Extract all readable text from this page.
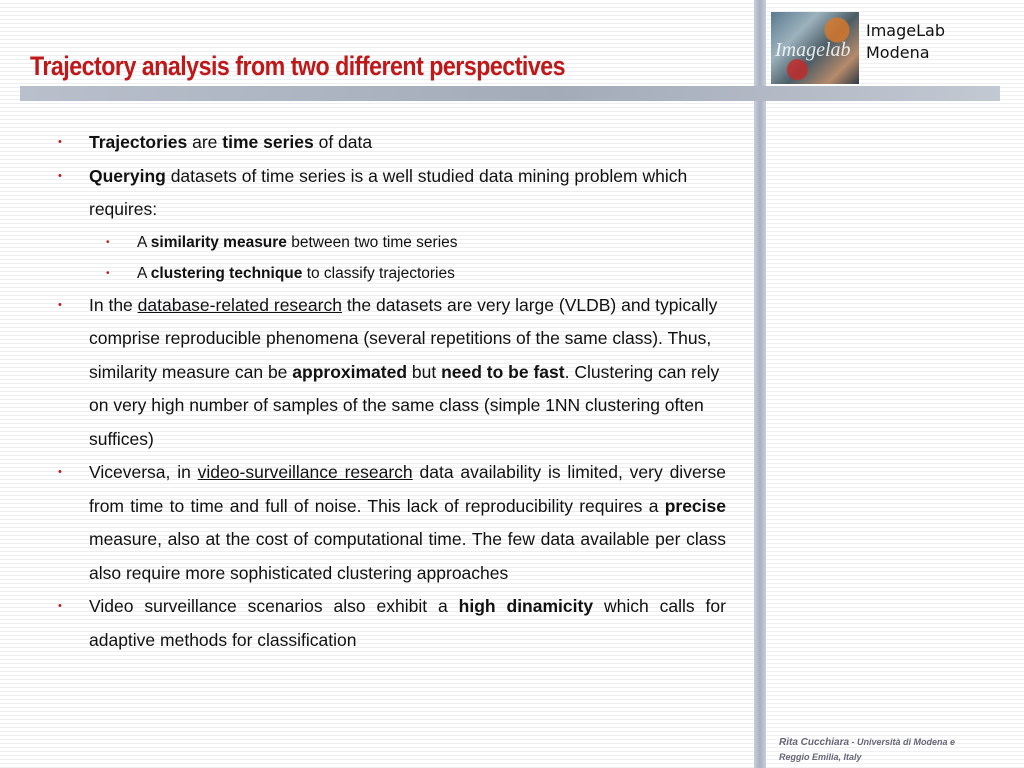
Imagelab
ImageLab
Modena
Trajectory analysis from two different perspectives
• Trajectories are time series of data
• Querying datasets of time series is a well studied data mining problem which requires:
• A similarity measure between two time series
• A clustering technique to classify trajectories
• In the database-related research the datasets are very large (VLDB) and typically comprise reproducible phenomena (several repetitions of the same class). Thus, similarity measure can be approximated but need to be fast. Clustering can rely on very high number of samples of the same class (simple 1NN clustering often suffices)
• Viceversa, in video-surveillance research data availability is limited, very diverse from time to time and full of noise. This lack of reproducibility requires a precise measure, also at the cost of computational time. The few data available per class also require more sophisticated clustering approaches
• Video surveillance scenarios also exhibit a high dinamicity which calls for adaptive methods for classification
Rita Cucchiara - Università di Modena e Reggio Emilia, Italy
